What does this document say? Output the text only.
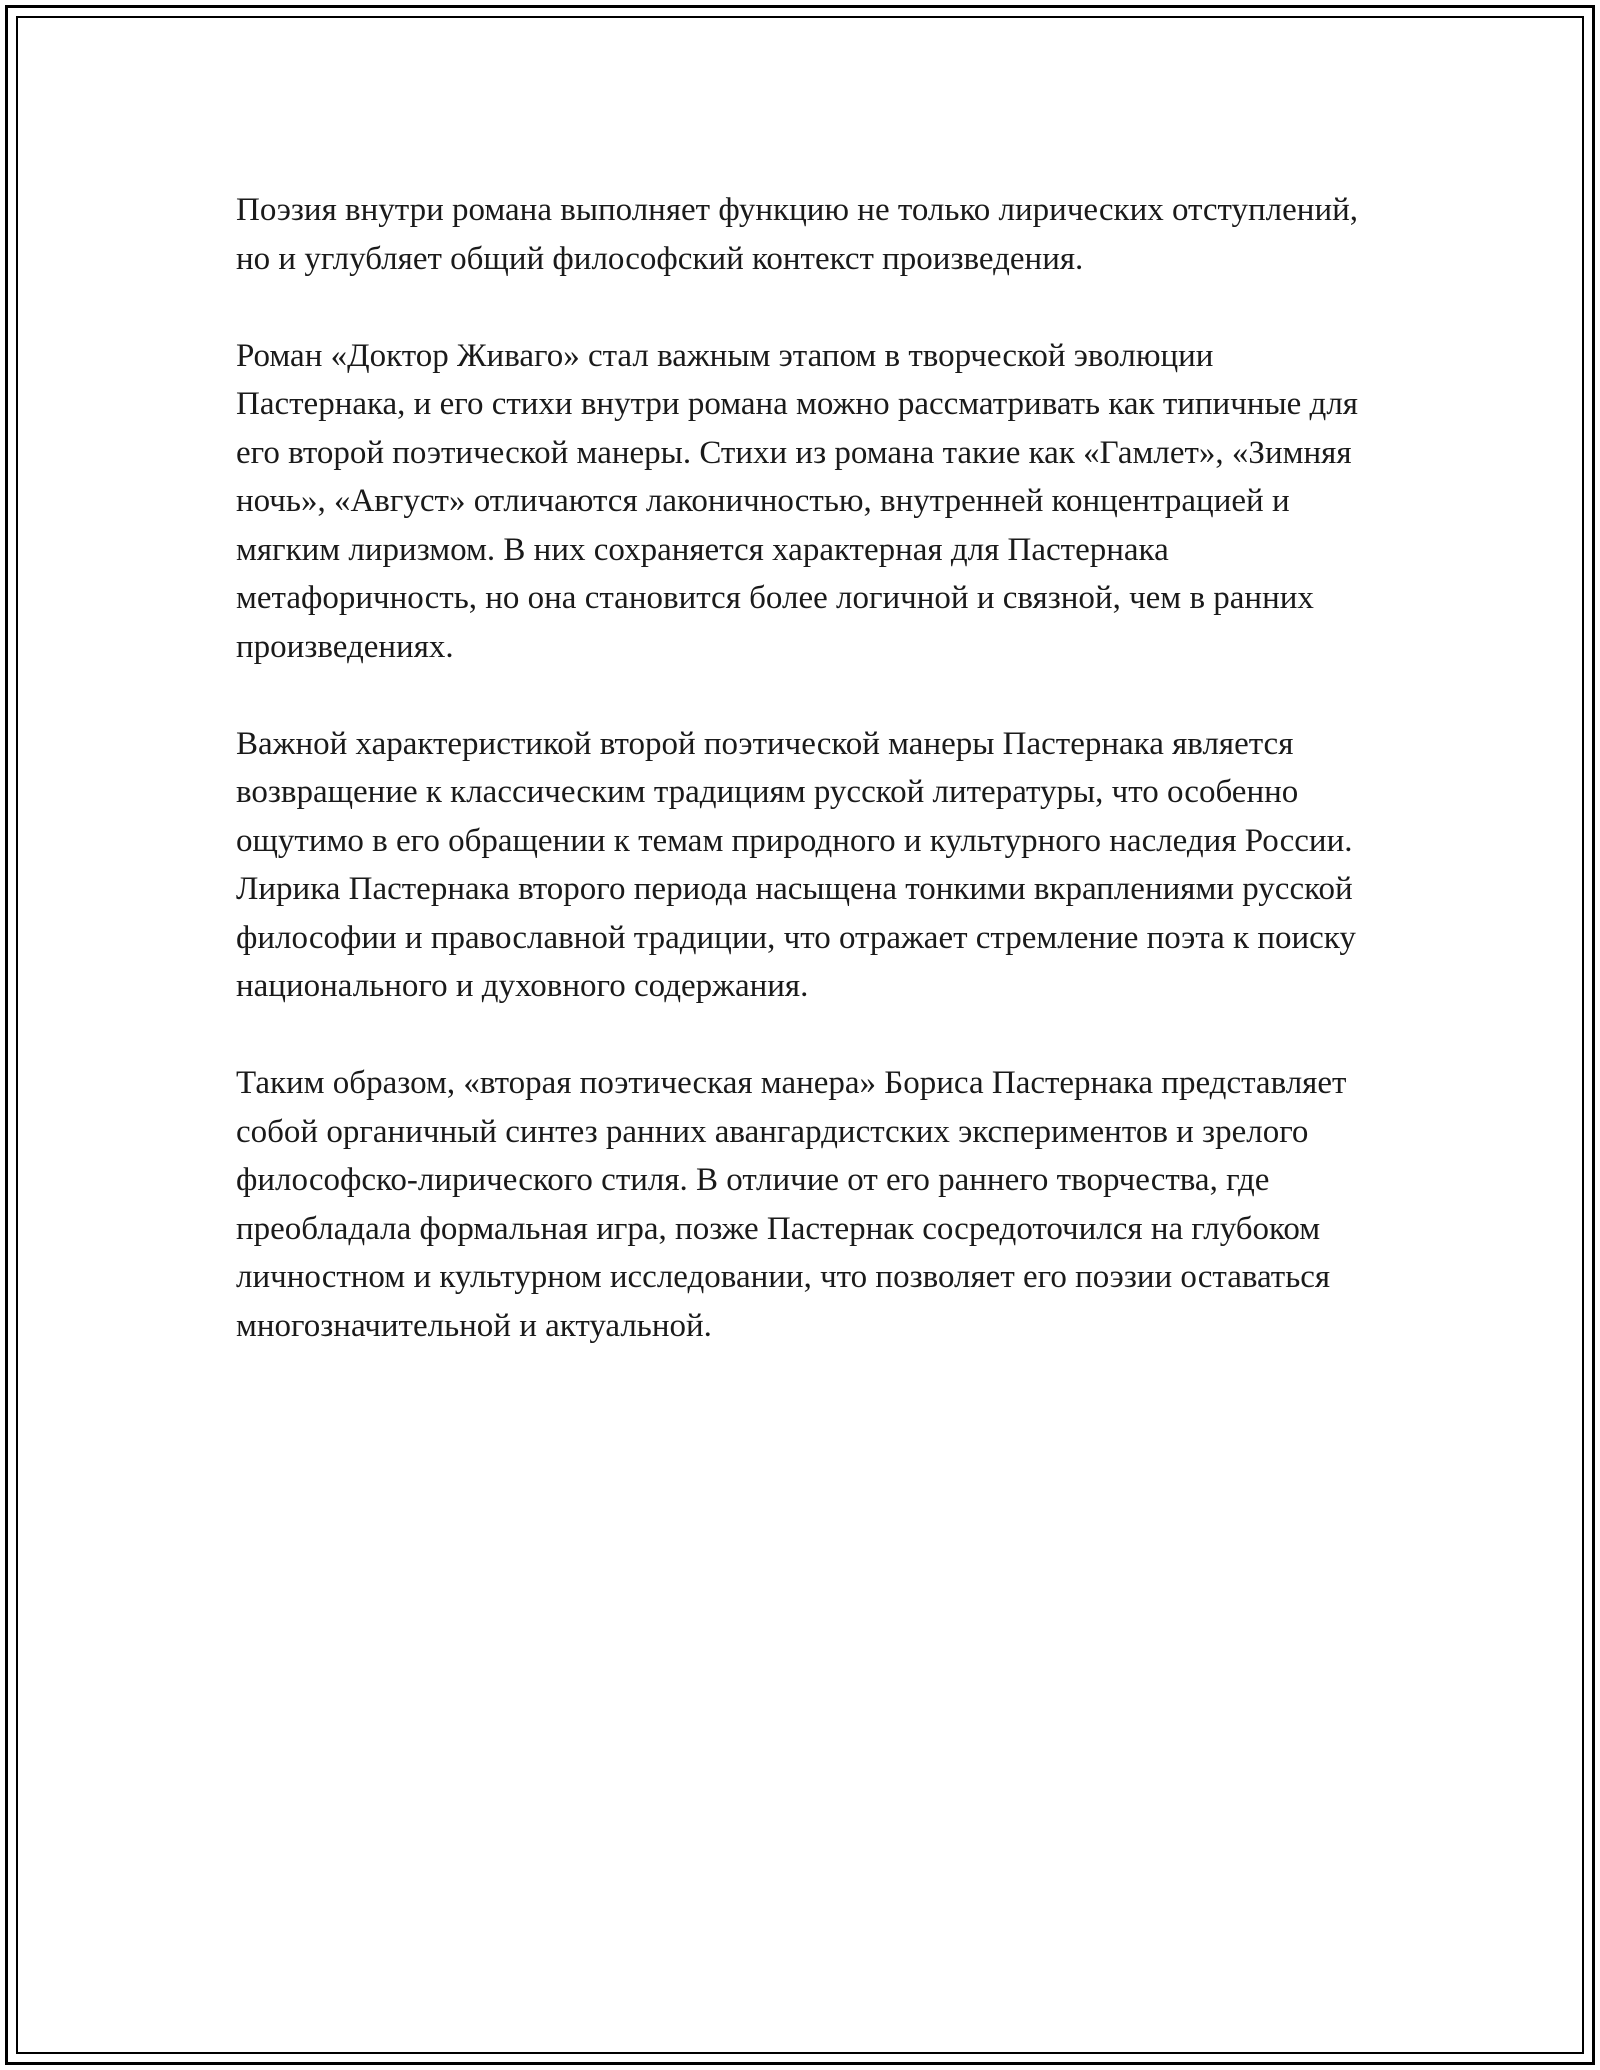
Поэзия внутри романа выполняет функцию не только лирических отступлений, но и углубляет общий философский контекст произведения.

Роман «Доктор Живаго» стал важным этапом в творческой эволюции Пастернака, и его стихи внутри романа можно рассматривать как типичные для его второй поэтической манеры. Стихи из романа такие как «Гамлет», «Зимняя ночь», «Август» отличаются лаконичностью, внутренней концентрацией и мягким лиризмом. В них сохраняется характерная для Пастернака метафоричность, но она становится более логичной и связной, чем в ранних произведениях.

Важной характеристикой второй поэтической манеры Пастернака является возвращение к классическим традициям русской литературы, что особенно ощутимо в его обращении к темам природного и культурного наследия России. Лирика Пастернака второго периода насыщена тонкими вкраплениями русской философии и православной традиции, что отражает стремление поэта к поиску национального и духовного содержания.

Таким образом, «вторая поэтическая манера» Бориса Пастернака представляет собой органичный синтез ранних авангардистских экспериментов и зрелого философско-лирического стиля. В отличие от его раннего творчества, где преобладала формальная игра, позже Пастернак сосредоточился на глубоком личностном и культурном исследовании, что позволяет его поэзии оставаться многозначительной и актуальной.
